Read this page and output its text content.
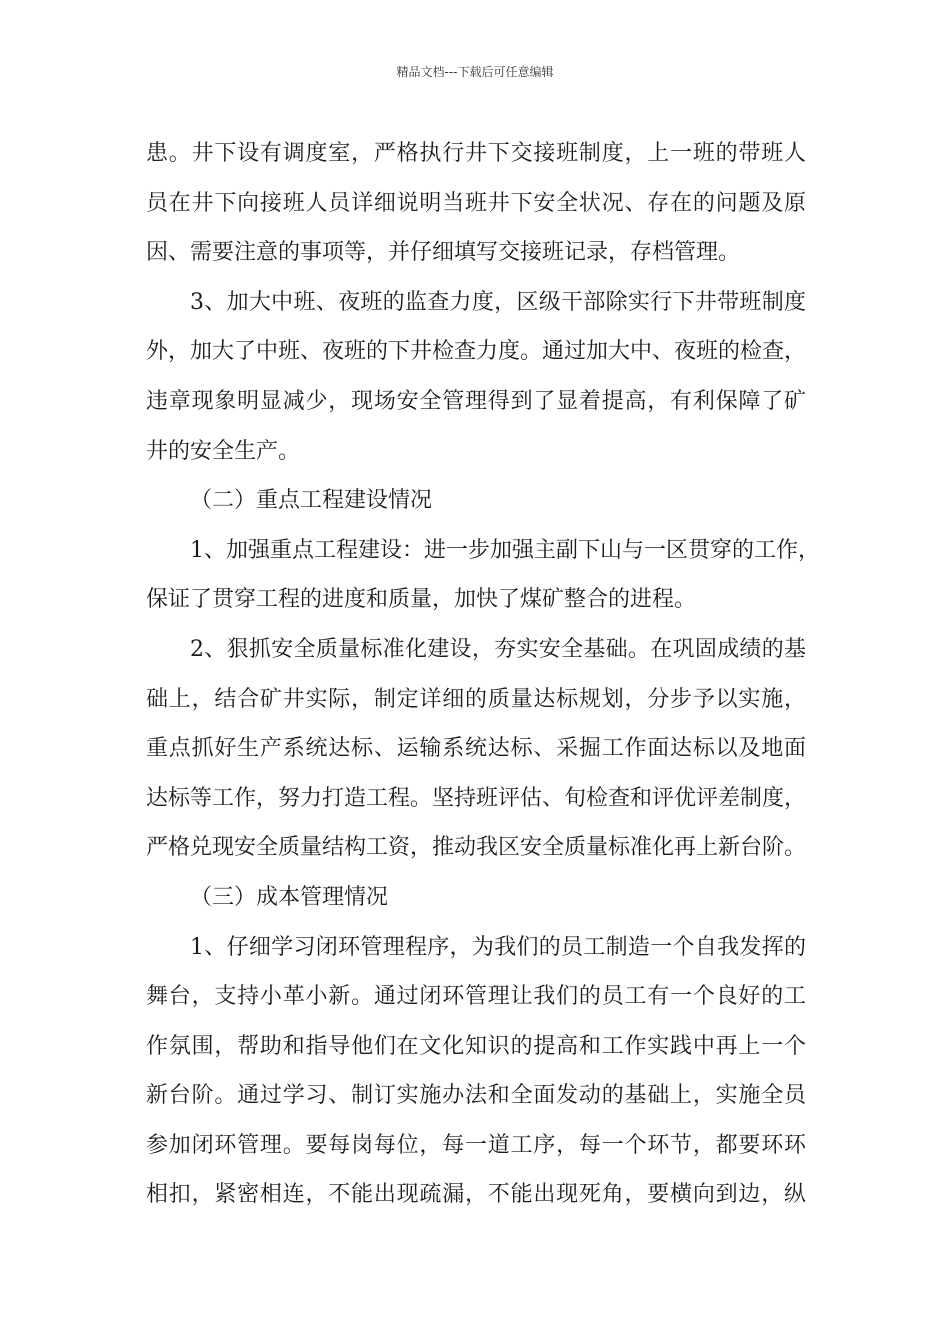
精品文档---下载后可任意编辑
患。井下设有调度室，严格执行井下交接班制度，上一班的带班人
员在井下向接班人员详细说明当班井下安全状况、存在的问题及原
因、需要注意的事项等，并仔细填写交接班记录，存档管理。
3、加大中班、夜班的监查力度，区级干部除实行下井带班制度
外，加大了中班、夜班的下井检查力度。通过加大中、夜班的检查，
违章现象明显减少，现场安全管理得到了显着提高，有利保障了矿
井的安全生产。
（二）重点工程建设情况
1、加强重点工程建设：进一步加强主副下山与一区贯穿的工作，
保证了贯穿工程的进度和质量，加快了煤矿整合的进程。
2、狠抓安全质量标准化建设，夯实安全基础。在巩固成绩的基
础上，结合矿井实际，制定详细的质量达标规划，分步予以实施，
重点抓好生产系统达标、运输系统达标、采掘工作面达标以及地面
达标等工作，努力打造工程。坚持班评估、旬检查和评优评差制度，
严格兑现安全质量结构工资，推动我区安全质量标准化再上新台阶。
（三）成本管理情况
1、仔细学习闭环管理程序，为我们的员工制造一个自我发挥的
舞台，支持小革小新。通过闭环管理让我们的员工有一个良好的工
作氛围，帮助和指导他们在文化知识的提高和工作实践中再上一个
新台阶。通过学习、制订实施办法和全面发动的基础上，实施全员
参加闭环管理。要每岗每位，每一道工序，每一个环节，都要环环
相扣，紧密相连，不能出现疏漏，不能出现死角，要横向到边，纵
